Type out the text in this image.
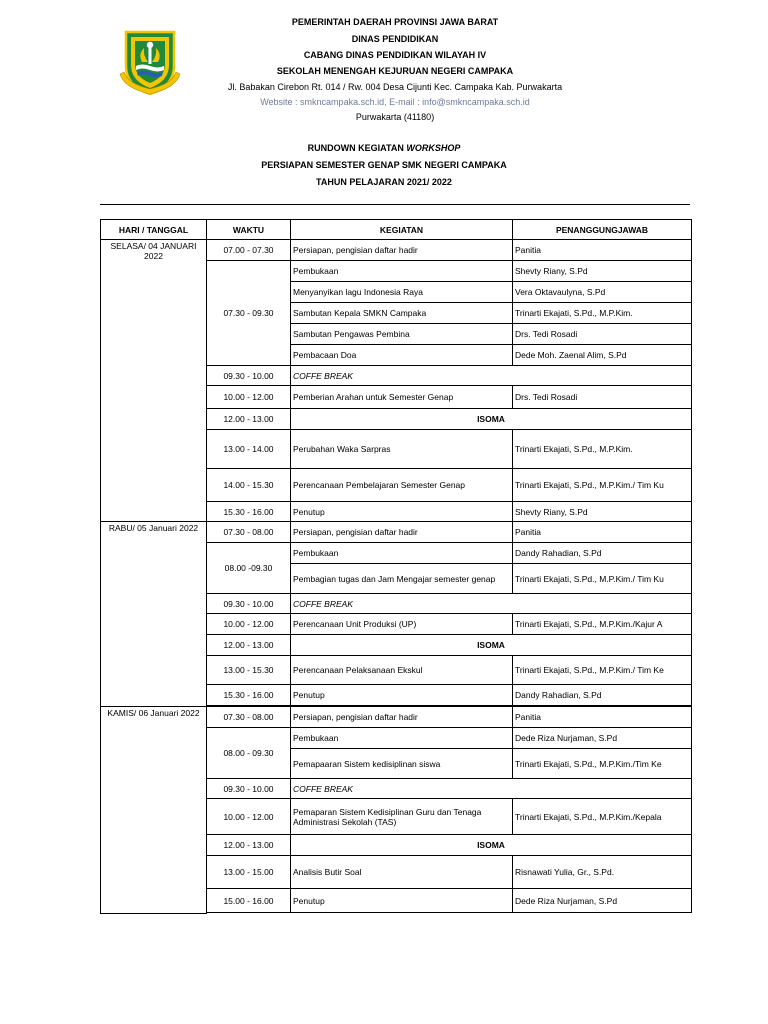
PEMERINTAH DAERAH PROVINSI JAWA BARAT
DINAS PENDIDIKAN
CABANG DINAS PENDIDIKAN WILAYAH IV
SEKOLAH MENENGAH KEJURUAN NEGERI CAMPAKA
Jl. Babakan Cirebon Rt. 014 / Rw. 004 Desa Cijunti Kec. Campaka Kab. Purwakarta
Website : smkncampaka.sch.id, E-mail : info@smkncampaka.sch.id
Purwakarta (41180)
RUNDOWN KEGIATAN WORKSHOP
PERSIAPAN SEMESTER GENAP SMK NEGERI CAMPAKA
TAHUN PELAJARAN 2021/ 2022
HARI / TANGGAL	WAKTU	KEGIATAN	PENANGGUNGJAWAB
SELASA/ 04 JANUARI 2022	07.00 - 07.30	Persiapan, pengisian daftar hadir	Panitia
	07.30 - 09.30	Pembukaan	Shevty Riany, S.Pd
		Menyanyikan lagu Indonesia Raya	Vera Oktavaulyna, S.Pd
		Sambutan Kepala SMKN Campaka	Trinarti Ekajati, S.Pd., M.P.Kim.
		Sambutan Pengawas Pembina	Drs. Tedi Rosadi
		Pembacaan Doa	Dede Moh. Zaenal Alim, S.Pd
	09.30 - 10.00	COFFE BREAK	
	10.00 - 12.00	Pemberian Arahan untuk Semester Genap	Drs. Tedi Rosadi
	12.00 - 13.00	ISOMA	
	13.00 - 14.00	Perubahan Waka Sarpras	Trinarti Ekajati, S.Pd., M.P.Kim.
	14.00 - 15.30	Perencanaan Pembelajaran Semester Genap	Trinarti Ekajati, S.Pd., M.P.Kim./ Tim Ku
	15.30 - 16.00	Penutup	Shevty Riany, S.Pd
RABU/ 05 Januari 2022	07.30 - 08.00	Persiapan, pengisian daftar hadir	Panitia
	08.00 -09.30	Pembukaan	Dandy Rahadian, S.Pd
		Pembagian tugas dan Jam Mengajar semester genap	Trinarti Ekajati, S.Pd., M.P.Kim./ Tim Ku
	09.30 - 10.00	COFFE BREAK	
	10.00 - 12.00	Perencanaan Unit Produksi (UP)	Trinarti Ekajati, S.Pd., M.P.Kim./Kajur A
	12.00 - 13.00	ISOMA	
	13.00 - 15.30	Perencanaan Pelaksanaan Ekskul	Trinarti Ekajati, S.Pd., M.P.Kim./ Tim Ke
	15.30 - 16.00	Penutup	Dandy Rahadian, S.Pd

KAMIS/ 06 Januari 2022	07.30 - 08.00	Persiapan, pengisian daftar hadir	Panitia
	08.00 - 09.30	Pembukaan	Dede Riza Nurjaman, S.Pd
		Pemapaaran Sistem kedisiplinan siswa	Trinarti Ekajati, S.Pd., M.P.Kim./Tim Ke
	09.30 - 10.00	COFFE BREAK	
	10.00 - 12.00	Pemaparan Sistem Kedisiplinan Guru dan Tenaga Administrasi Sekolah (TAS)	Trinarti Ekajati, S.Pd., M.P.Kim./Kepala
	12.00 - 13.00	ISOMA	
	13.00 - 15.00	Analisis Butir Soal	Risnawati Yulia, Gr., S.Pd.
	15.00 - 16.00	Penutup	Dede Riza Nurjaman, S.Pd
